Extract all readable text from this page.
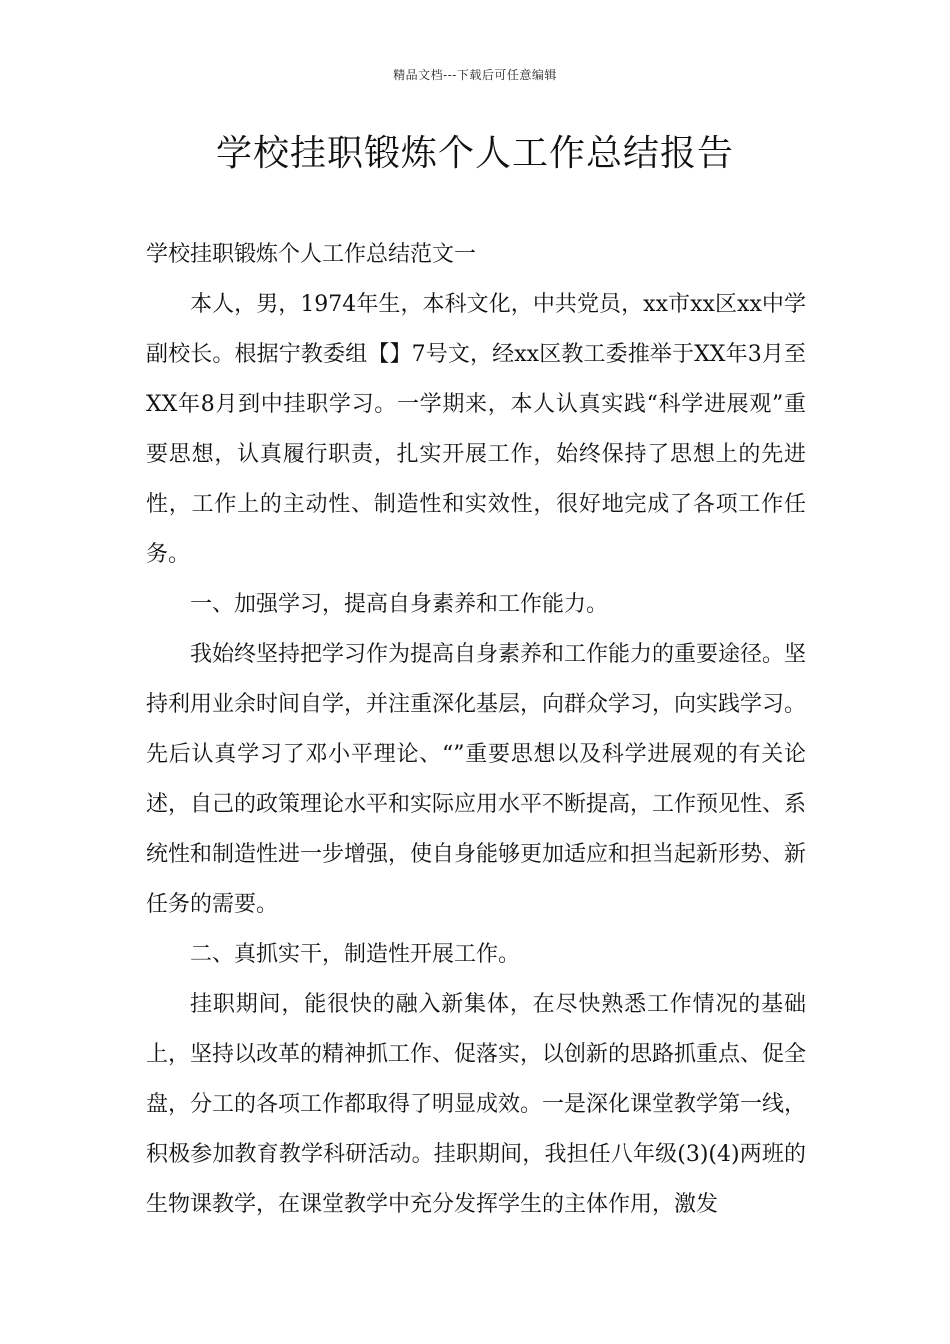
精品文档---下载后可任意编辑
学校挂职锻炼个人工作总结报告

学校挂职锻炼个人工作总结范文一

本人，男，1974年生，本科文化，中共党员，xx市xx区xx中学副校长。根据宁教委组【】7号文，经xx区教工委推举于XX年3月至XX年8月到中挂职学习。一学期来，本人认真实践“科学进展观”重要思想，认真履行职责，扎实开展工作，始终保持了思想上的先进性，工作上的主动性、制造性和实效性，很好地完成了各项工作任务。

一、加强学习，提高自身素养和工作能力。

我始终坚持把学习作为提高自身素养和工作能力的重要途径。坚持利用业余时间自学，并注重深化基层，向群众学习，向实践学习。先后认真学习了邓小平理论、“”重要思想以及科学进展观的有关论述，自己的政策理论水平和实际应用水平不断提高，工作预见性、系统性和制造性进一步增强，使自身能够更加适应和担当起新形势、新任务的需要。

二、真抓实干，制造性开展工作。

挂职期间，能很快的融入新集体，在尽快熟悉工作情况的基础上，坚持以改革的精神抓工作、促落实，以创新的思路抓重点、促全盘，分工的各项工作都取得了明显成效。一是深化课堂教学第一线，积极参加教育教学科研活动。挂职期间，我担任八年级(3)(4)两班的生物课教学，在课堂教学中充分发挥学生的主体作用，激发
